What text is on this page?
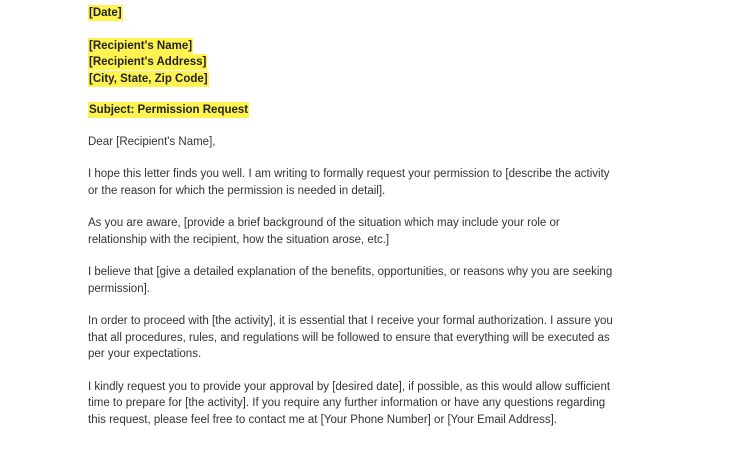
[Date]
[Recipient's Name]
[Recipient's Address]
[City, State, Zip Code]
Subject: Permission Request

Dear [Recipient's Name],

I hope this letter finds you well. I am writing to formally request your permission to [describe the activity
or the reason for which the permission is needed in detail].

As you are aware, [provide a brief background of the situation which may include your role or
relationship with the recipient, how the situation arose, etc.]

I believe that [give a detailed explanation of the benefits, opportunities, or reasons why you are seeking
permission].

In order to proceed with [the activity], it is essential that I receive your formal authorization. I assure you
that all procedures, rules, and regulations will be followed to ensure that everything will be executed as
per your expectations.

I kindly request you to provide your approval by [desired date], if possible, as this would allow sufficient
time to prepare for [the activity]. If you require any further information or have any questions regarding
this request, please feel free to contact me at [Your Phone Number] or [Your Email Address].
